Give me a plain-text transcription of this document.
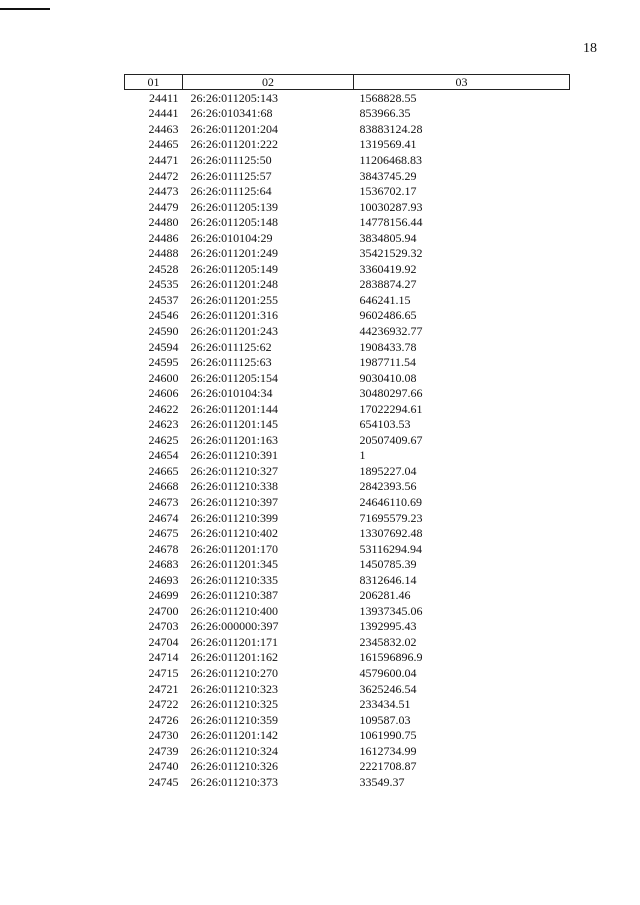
18
01	02	03
24411	26:26:011205:143	1568828.55
24441	26:26:010341:68	853966.35
24463	26:26:011201:204	83883124.28
24465	26:26:011201:222	1319569.41
24471	26:26:011125:50	11206468.83
24472	26:26:011125:57	3843745.29
24473	26:26:011125:64	1536702.17
24479	26:26:011205:139	10030287.93
24480	26:26:011205:148	14778156.44
24486	26:26:010104:29	3834805.94
24488	26:26:011201:249	35421529.32
24528	26:26:011205:149	3360419.92
24535	26:26:011201:248	2838874.27
24537	26:26:011201:255	646241.15
24546	26:26:011201:316	9602486.65
24590	26:26:011201:243	44236932.77
24594	26:26:011125:62	1908433.78
24595	26:26:011125:63	1987711.54
24600	26:26:011205:154	9030410.08
24606	26:26:010104:34	30480297.66
24622	26:26:011201:144	17022294.61
24623	26:26:011201:145	654103.53
24625	26:26:011201:163	20507409.67
24654	26:26:011210:391	1
24665	26:26:011210:327	1895227.04
24668	26:26:011210:338	2842393.56
24673	26:26:011210:397	24646110.69
24674	26:26:011210:399	71695579.23
24675	26:26:011210:402	13307692.48
24678	26:26:011201:170	53116294.94
24683	26:26:011201:345	1450785.39
24693	26:26:011210:335	8312646.14
24699	26:26:011210:387	206281.46
24700	26:26:011210:400	13937345.06
24703	26:26:000000:397	1392995.43
24704	26:26:011201:171	2345832.02
24714	26:26:011201:162	161596896.9
24715	26:26:011210:270	4579600.04
24721	26:26:011210:323	3625246.54
24722	26:26:011210:325	233434.51
24726	26:26:011210:359	109587.03
24730	26:26:011201:142	1061990.75
24739	26:26:011210:324	1612734.99
24740	26:26:011210:326	2221708.87
24745	26:26:011210:373	33549.37
